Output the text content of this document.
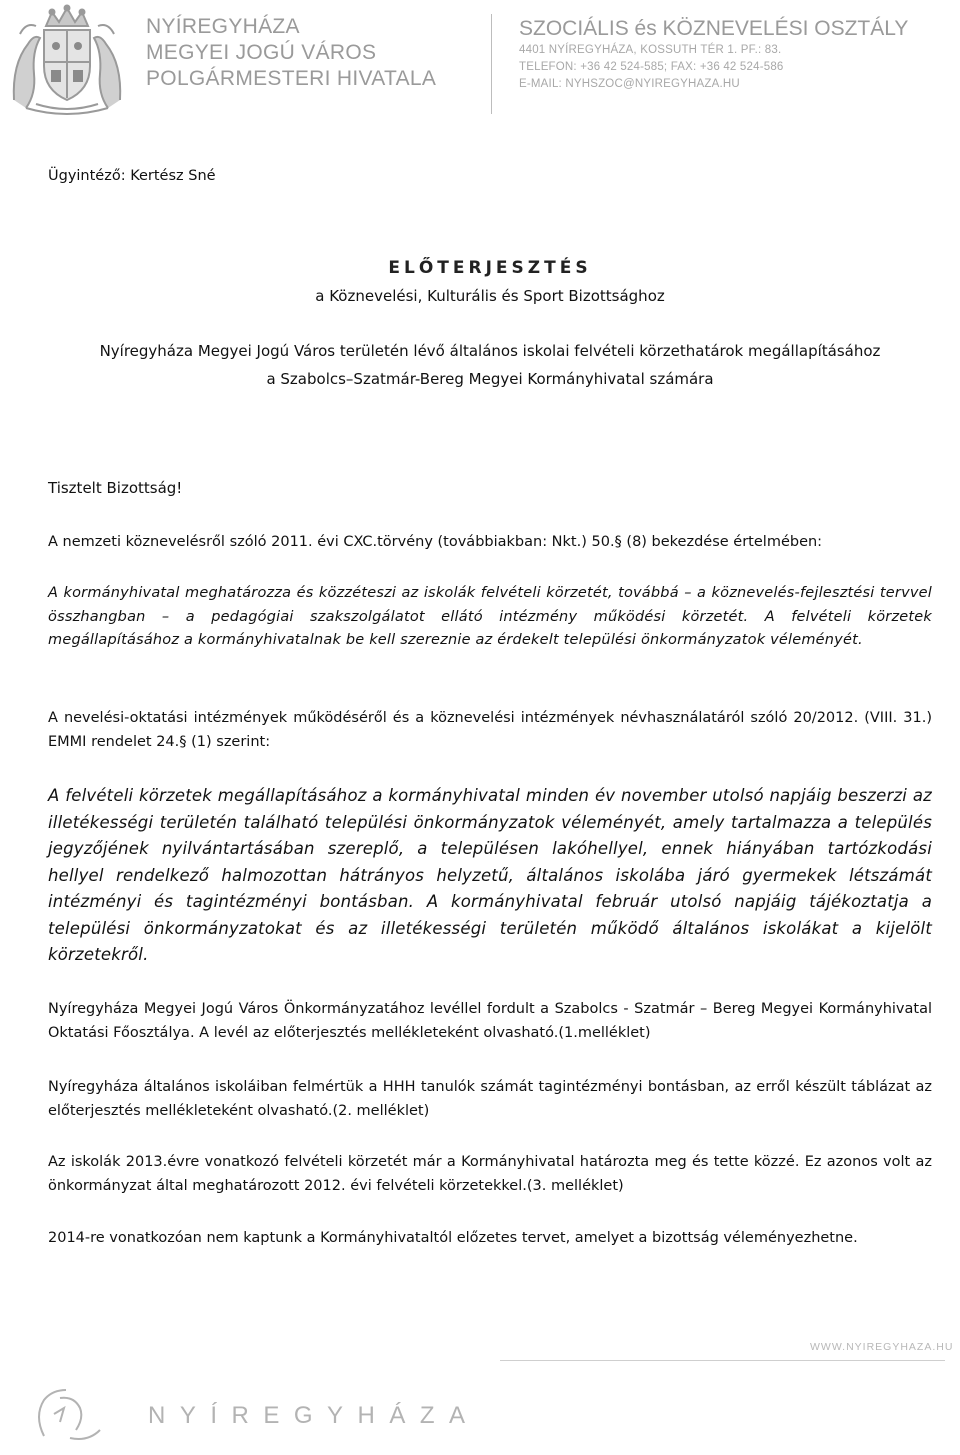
NYÍREGYHÁZA
MEGYEI JOGÚ VÁROS
POLGÁRMESTERI HIVATALA
SZOCIÁLIS és KÖZNEVELÉSI OSZTÁLY
4401 NYÍREGYHÁZA, KOSSUTH TÉR 1. PF.: 83.
TELEFON: +36 42 524-585; FAX: +36 42 524-586
E-MAIL: NYHSZOC@NYIREGYHAZA.HU
Ügyintéző: Kertész Sné
ELŐTERJESZTÉS
a Köznevelési, Kulturális és Sport Bizottsághoz
Nyíregyháza Megyei Jogú Város területén lévő általános iskolai felvételi körzethatárok megállapításához
a Szabolcs–Szatmár-Bereg Megyei Kormányhivatal számára
Tisztelt Bizottság!
A nemzeti köznevelésről szóló 2011. évi CXC.törvény (továbbiakban: Nkt.) 50.§ (8) bekezdése értelmében:
A kormányhivatal meghatározza és közzéteszi az iskolák felvételi körzetét, továbbá – a köznevelés-fejlesztési tervvel összhangban – a pedagógiai szakszolgálatot ellátó intézmény működési körzetét. A felvételi körzetek megállapításához a kormányhivatalnak be kell szereznie az érdekelt települési önkormányzatok véleményét.
A nevelési-oktatási intézmények működéséről és a köznevelési intézmények névhasználatáról szóló 20/2012. (VIII. 31.) EMMI rendelet 24.§ (1) szerint:
A felvételi körzetek megállapításához a kormányhivatal minden év november utolsó napjáig beszerzi az illetékességi területén található települési önkormányzatok véleményét, amely tartalmazza a település jegyzőjének nyilvántartásában szereplő, a településen lakóhellyel, ennek hiányában tartózkodási hellyel rendelkező halmozottan hátrányos helyzetű, általános iskolába járó gyermekek létszámát intézményi és tagintézményi bontásban. A kormányhivatal február utolsó napjáig tájékoztatja a települési önkormányzatokat és az illetékességi területén működő általános iskolákat a kijelölt körzetekről.
Nyíregyháza Megyei Jogú Város Önkormányzatához levéllel fordult a Szabolcs - Szatmár – Bereg Megyei Kormányhivatal Oktatási Főosztálya. A levél az előterjesztés mellékleteként olvasható.(1.melléklet)
Nyíregyháza általános iskoláiban felmértük a HHH tanulók számát tagintézményi bontásban, az erről készült táblázat az előterjesztés mellékleteként olvasható.(2. melléklet)
Az iskolák 2013.évre vonatkozó felvételi körzetét már a Kormányhivatal határozta meg és tette közzé. Ez azonos volt az önkormányzat által meghatározott 2012. évi felvételi körzetekkel.(3. melléklet)
2014-re vonatkozóan nem kaptunk a Kormányhivataltól előzetes tervet, amelyet a bizottság véleményezhetne.
WWW.NYIREGYHAZA.HU
NYÍREGYHÁZA
